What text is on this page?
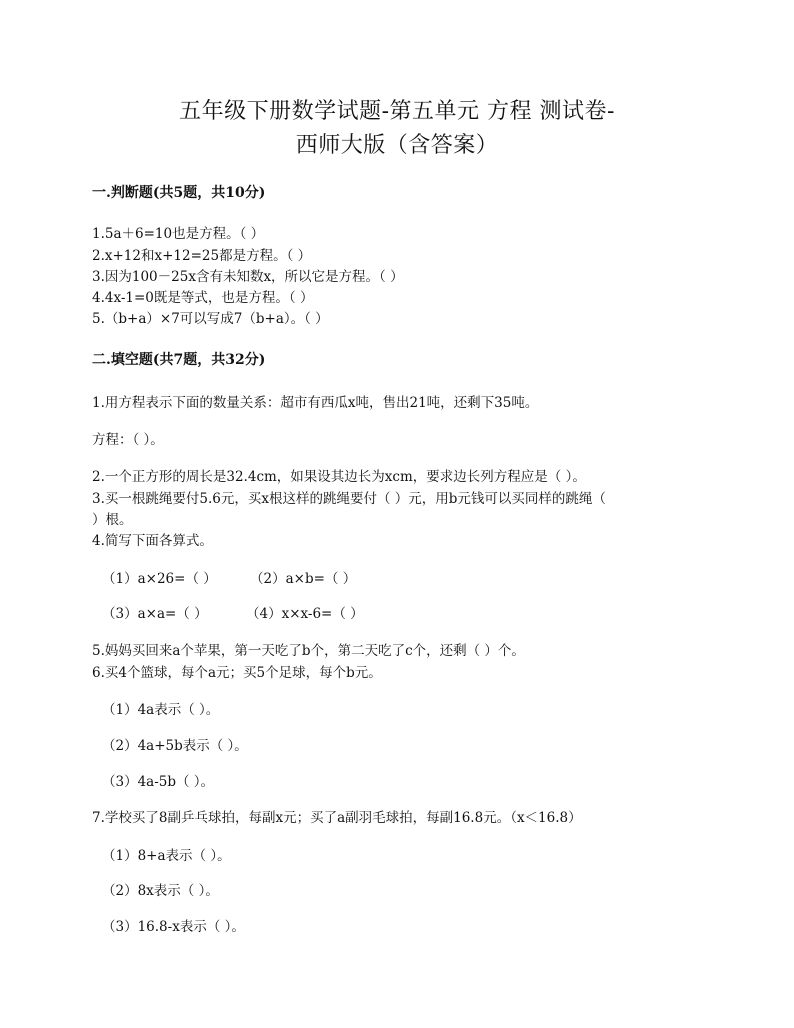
五年级下册数学试题-第五单元 方程 测试卷-
西师大版（含答案）
一.判断题(共5题，共10分)
1.5a＋6=10也是方程。（ ）
2.x+12和x+12=25都是方程。（ ）
3.因为100－25x含有未知数x，所以它是方程。（ ）
4.4x-1=0既是等式，也是方程。（ ）
5.（b+a）×7可以写成7（b+a）。（ ）
二.填空题(共7题，共32分)
1.用方程表示下面的数量关系：超市有西瓜x吨，售出21吨，还剩下35吨。
方程：（ ）。
2.一个正方形的周长是32.4cm，如果设其边长为xcm，要求边长列方程应是（ ）。
3.买一根跳绳要付5.6元，买x根这样的跳绳要付（ ）元，用b元钱可以买同样的跳绳（
）根。
4.简写下面各算式。
（1）a×26=（ ） （2）a×b=（ ）
（3）a×a=（ ）	（4）x×x-6=（ ）
5.妈妈买回来a个苹果，第一天吃了b个，第二天吃了c个，还剩（ ）个。
6.买4个篮球，每个a元；买5个足球，每个b元。
（1）4a表示（ ）。
（2）4a+5b表示（ ）。
（3）4a-5b（ ）。
7.学校买了8副乒乓球拍，每副x元；买了a副羽毛球拍，每副16.8元。（x＜16.8）
（1）8+a表示（ ）。
（2）8x表示（ ）。
（3）16.8-x表示（ ）。
